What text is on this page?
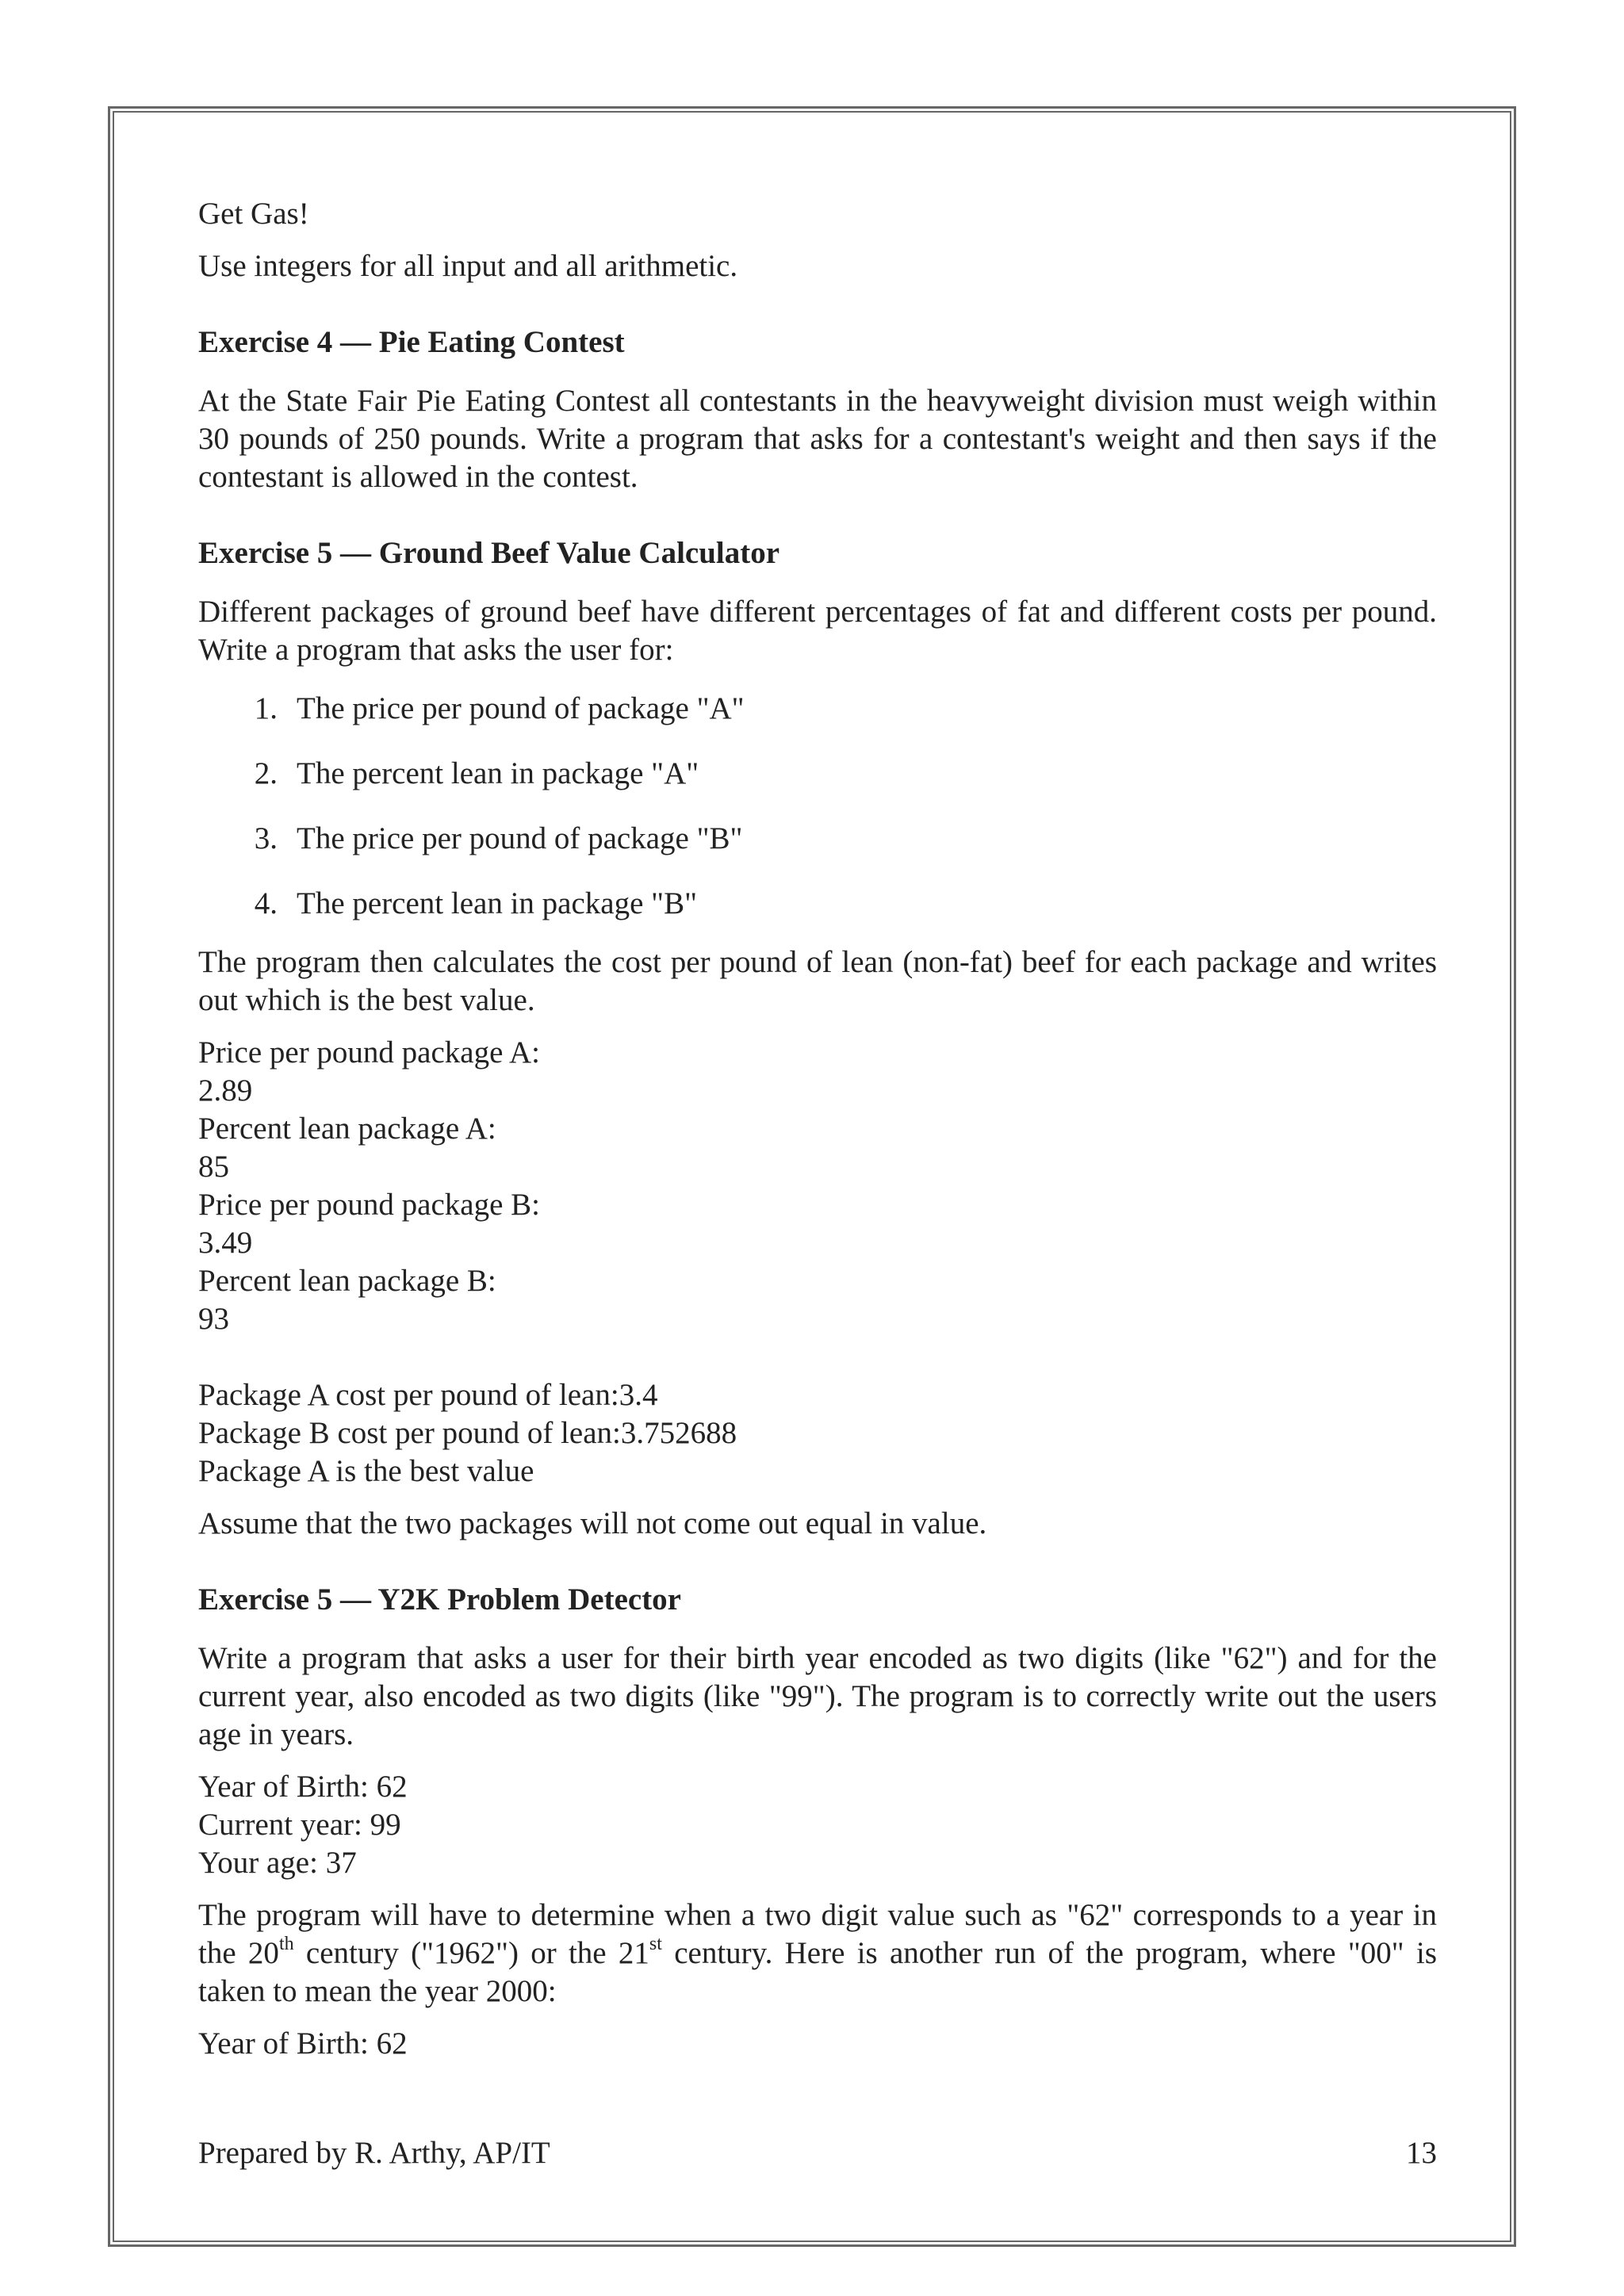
Get Gas!

Use integers for all input and all arithmetic.

Exercise 4 — Pie Eating Contest

At the State Fair Pie Eating Contest all contestants in the heavyweight division must weigh within 30 pounds of 250 pounds. Write a program that asks for a contestant's weight and then says if the contestant is allowed in the contest.

Exercise 5 — Ground Beef Value Calculator

Different packages of ground beef have different percentages of fat and different costs per pound. Write a program that asks the user for:

1. The price per pound of package "A"
2. The percent lean in package "A"
3. The price per pound of package "B"
4. The percent lean in package "B"

The program then calculates the cost per pound of lean (non-fat) beef for each package and writes out which is the best value.

Price per pound package A:
2.89
Percent lean package A:
85
Price per pound package B:
3.49
Percent lean package B:
93
Package A cost per pound of lean:3.4
Package B cost per pound of lean:3.752688
Package A is the best value

Assume that the two packages will not come out equal in value.

Exercise 5 — Y2K Problem Detector

Write a program that asks a user for their birth year encoded as two digits (like "62") and for the current year, also encoded as two digits (like "99"). The program is to correctly write out the users age in years.

Year of Birth: 62
Current year: 99
Your age: 37

The program will have to determine when a two digit value such as "62" corresponds to a year in the 20th century ("1962") or the 21st century. Here is another run of the program, where "00" is taken to mean the year 2000:

Year of Birth: 62

Prepared by R. Arthy, AP/IT	13
